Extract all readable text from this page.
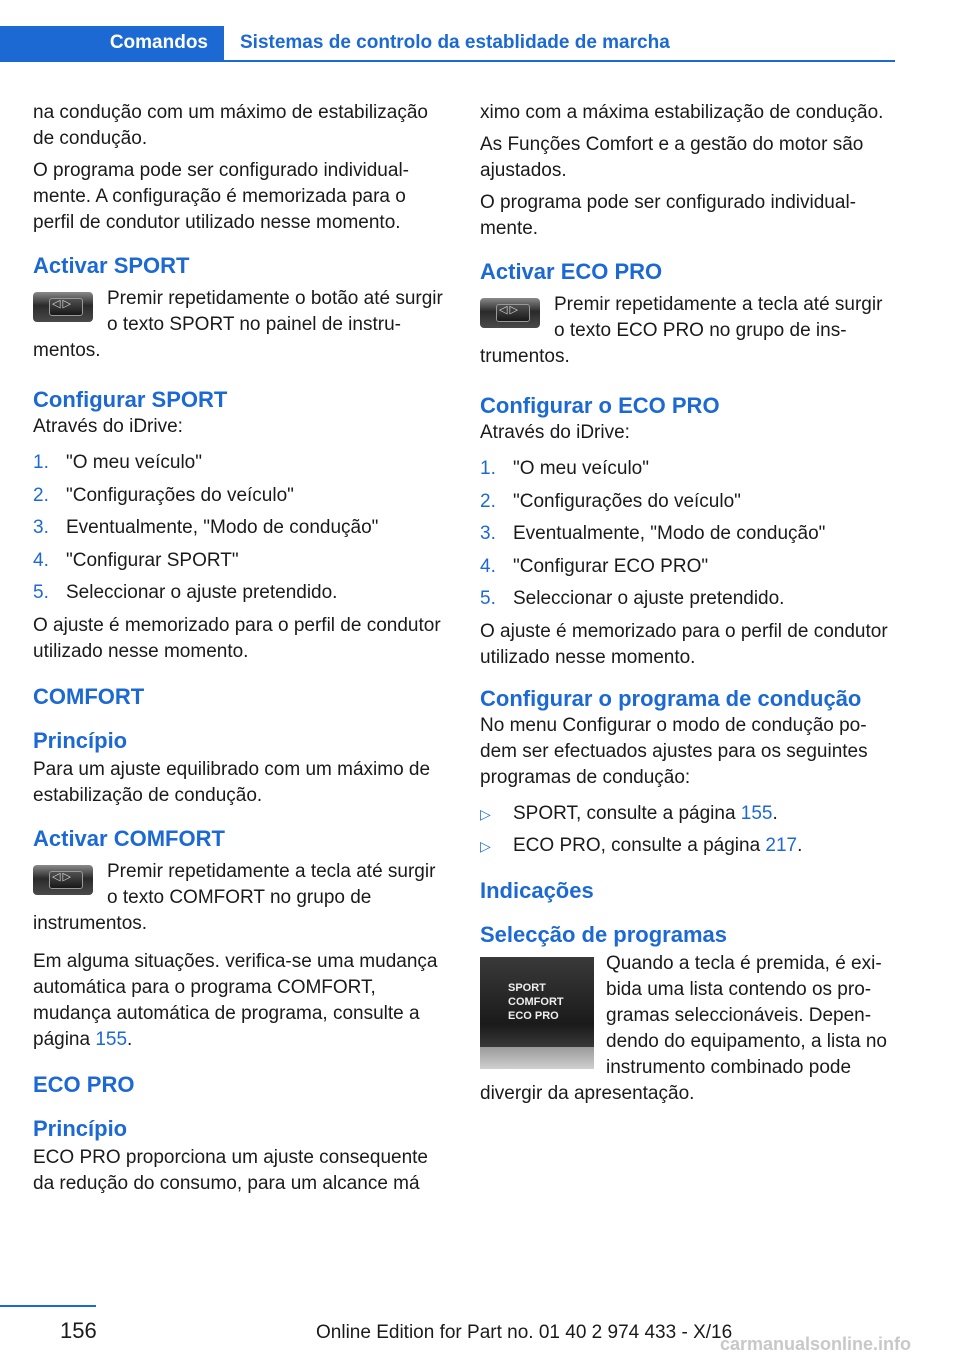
Comandos	Sistemas de controlo da establidade de marcha

na condução com um máximo de estabilização de condução.

O programa pode ser configurado individualmente. A configuração é memorizada para o perfil de condutor utilizado nesse momento.

Activar SPORT
◁▷	Premir repetidamente o botão até surgir o texto SPORT no painel de instrumentos.

Configurar SPORT

Através do iDrive:

1. "O meu veículo"
2. "Configurações do veículo"
3. Eventualmente, "Modo de condução"
4. "Configurar SPORT"
5. Seleccionar o ajuste pretendido.

O ajuste é memorizado para o perfil de condutor utilizado nesse momento.

COMFORT
Princípio

Para um ajuste equilibrado com um máximo de estabilização de condução.

Activar COMFORT
◁▷	Premir repetidamente a tecla até surgir o texto COMFORT no grupo de instrumentos.

Em alguma situações. verifica-se uma mudança automática para o programa COMFORT, mudança automática de programa, consulte a página 155.

ECO PRO
Princípio

ECO PRO proporciona um ajuste consequente da redução do consumo, para um alcance má

ximo com a máxima estabilização de condução.

As Funções Comfort e a gestão do motor são ajustados.

O programa pode ser configurado individualmente.

Activar ECO PRO
◁▷	Premir repetidamente a tecla até surgir o texto ECO PRO no grupo de instrumentos.

Configurar o ECO PRO

Através do iDrive:

1. "O meu veículo"
2. "Configurações do veículo"
3. Eventualmente, "Modo de condução"
4. "Configurar ECO PRO"
5. Seleccionar o ajuste pretendido.

O ajuste é memorizado para o perfil de condutor utilizado nesse momento.

Configurar o programa de condução

No menu Configurar o modo de condução podem ser efectuados ajustes para os seguintes programas de condução:

▷ SPORT, consulte a página 155.
▷ ECO PRO, consulte a página 217.
Indicações
Selecção de programas
SPORT
COMFORT
ECO PRO

Quando a tecla é premida, é exibida uma lista contendo os programas seleccionáveis. Dependendo do equipamento, a lista no instrumento combinado pode divergir da apresentação.

156	Online Edition for Part no. 01 40 2 974 433 - X/16
carmanualsonline.info
